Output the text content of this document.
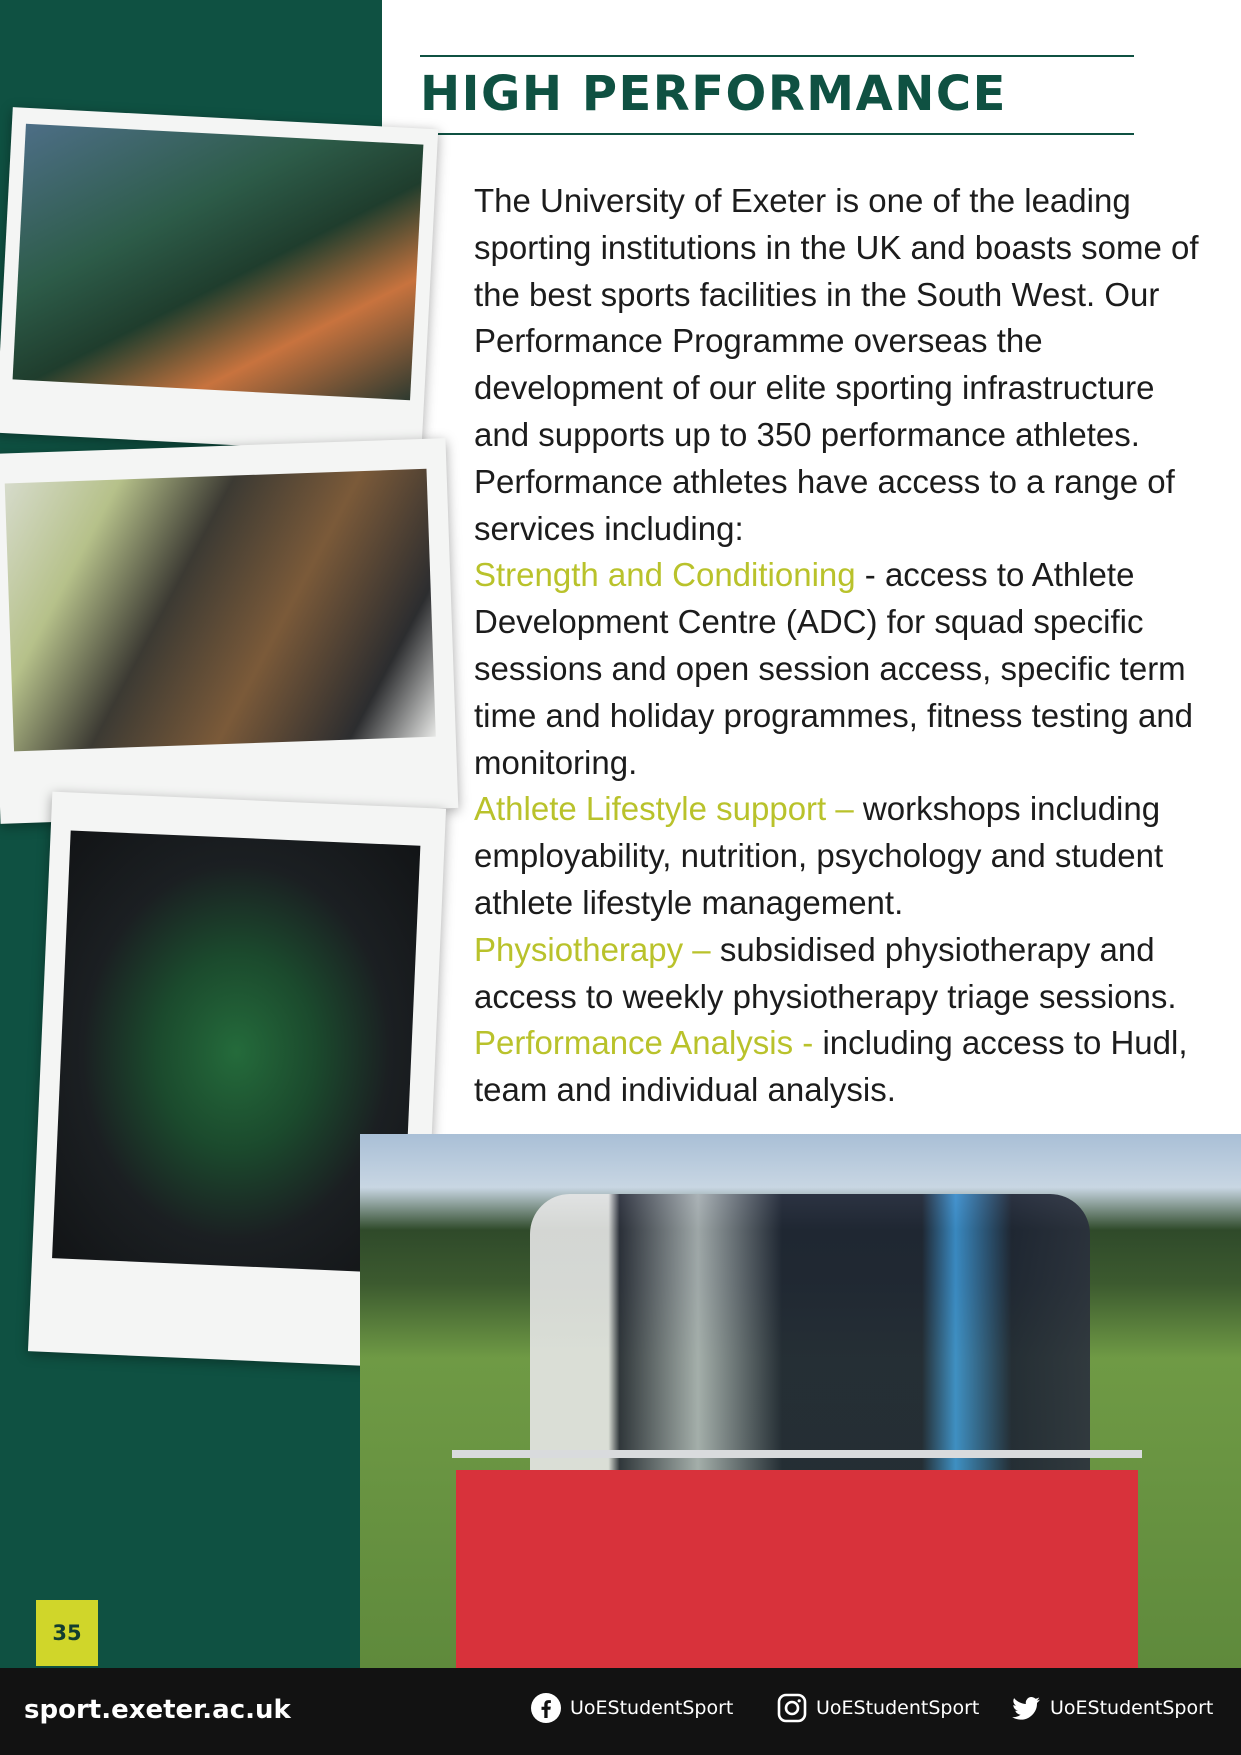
HIGH PERFORMANCE
The University of Exeter is one of the leading sporting institutions in the UK and boasts some of the best sports facilities in the South West. Our Performance Programme overseas the development of our elite sporting infrastructure and supports up to 350 performance athletes. Performance athletes have access to a range of services including:
Strength and Conditioning - access to Athlete Development Centre (ADC) for squad specific sessions and open session access, specific term time and holiday programmes, fitness testing and monitoring.
Athlete Lifestyle support – workshops including employability, nutrition, psychology and student athlete lifestyle management.
Physiotherapy – subsidised physiotherapy and access to weekly physiotherapy triage sessions.
Performance Analysis - including access to Hudl, team and individual analysis.
35
sport.exeter.ac.uk	UoEStudentSport	UoEStudentSport	UoEStudentSport
